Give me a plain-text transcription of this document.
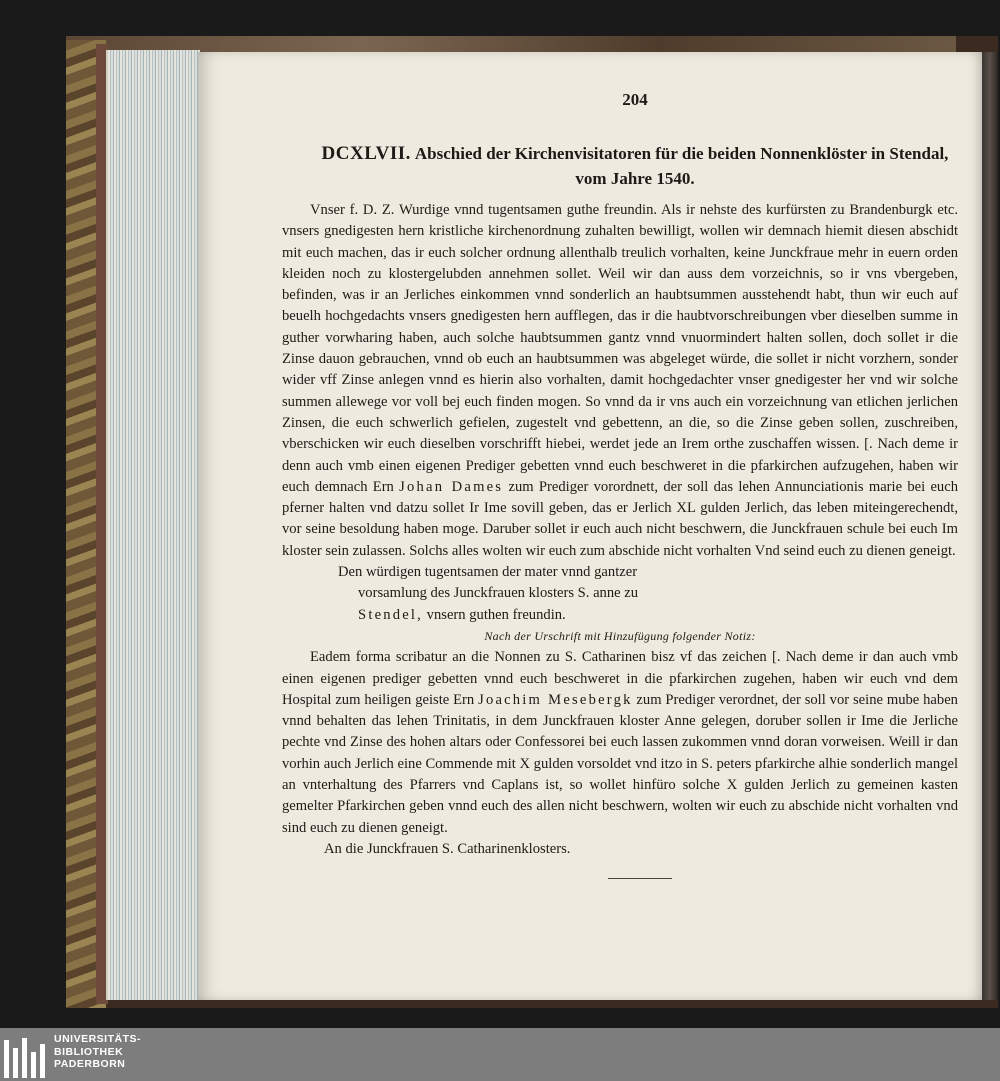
204
DCXLVII. Abschied der Kirchenvisitatoren für die beiden Nonnenklöster in Stendal,
vom Jahre 1540.

Vnser f. D. Z. Wurdige vnnd tugentsamen guthe freundin. Als ir nehste des kurfürsten zu Brandenburgk etc. vnsers gnedigesten hern kristliche kirchenordnung zuhalten bewilligt, wollen wir demnach hiemit diesen abschidt mit euch machen, das ir euch solcher ordnung allenthalb treulich vorhalten, keine Junckfraue mehr in euern orden kleiden noch zu klostergelubden annehmen sollet. Weil wir dan auss dem vorzeichnis, so ir vns vbergeben, befinden, was ir an Jerliches einkommen vnnd sonderlich an haubtsummen ausstehendt habt, thun wir euch auf beuelh hochgedachts vnsers gnedigesten hern aufflegen, das ir die haubtvorschreibungen vber dieselben summe in guther vorwharing haben, auch solche haubtsummen gantz vnnd vnuormindert halten sollen, doch sollet ir die Zinse dauon gebrauchen, vnnd ob euch an haubtsummen was abgeleget würde, die sollet ir nicht vorzhern, sonder wider vff Zinse anlegen vnnd es hierin also vorhalten, damit hochgedachter vnser gnedigester her vnd wir solche summen allewege vor voll bej euch finden mogen. So vnnd da ir vns auch ein vorzeichnung van etlichen jerlichen Zinsen, die euch schwerlich gefielen, zugestelt vnd gebettenn, an die, so die Zinse geben sollen, zuschreiben, vberschicken wir euch dieselben vorschrifft hiebei, werdet jede an Irem orthe zuschaffen wissen. [. Nach deme ir denn auch vmb einen eigenen Prediger gebetten vnnd euch beschweret in die pfarkirchen aufzugehen, haben wir euch demnach Ern Johan Dames zum Prediger vorordnett, der soll das lehen Annunciationis marie bei euch pferner halten vnd datzu sollet Ir Ime sovill geben, das er Jerlich XL gulden Jerlich, das leben miteingerechendt, vor seine besoldung haben moge. Daruber sollet ir euch auch nicht beschwern, die Junckfrauen schule bei euch Im kloster sein zulassen. Solchs alles wolten wir euch zum abschide nicht vorhalten Vnd seind euch zu dienen geneigt.

Den würdigen tugentsamen der mater vnnd gantzer

vorsamlung des Junckfrauen klosters S. anne zu

Stendel, vnsern guthen freundin.

Nach der Urschrift mit Hinzufügung folgender Notiz:

Eadem forma scribatur an die Nonnen zu S. Catharinen bisz vf das zeichen [. Nach deme ir dan auch vmb einen eigenen prediger gebetten vnnd euch beschweret in die pfarkirchen zugehen, haben wir euch vnd dem Hospital zum heiligen geiste Ern Joachim Mesebergk zum Prediger verordnet, der soll vor seine mube haben vnnd behalten das lehen Trinitatis, in dem Junckfrauen kloster Anne gelegen, doruber sollen ir Ime die Jerliche pechte vnd Zinse des hohen altars oder Confessorei bei euch lassen zukommen vnnd doran vorweisen. Weill ir dan vorhin auch Jerlich eine Commende mit X gulden vorsoldet vnd itzo in S. peters pfarkirche alhie sonderlich mangel an vnterhaltung des Pfarrers vnd Caplans ist, so wollet hinfüro solche X gulden Jerlich zu gemeinen kasten gemelter Pfarkirchen geben vnnd euch des allen nicht beschwern, wolten wir euch zu abschide nicht vorhalten vnd sind euch zu dienen geneigt.

An die Junckfrauen S. Catharinenklosters.

UNIVERSITÄTS-
BIBLIOTHEK
PADERBORN
